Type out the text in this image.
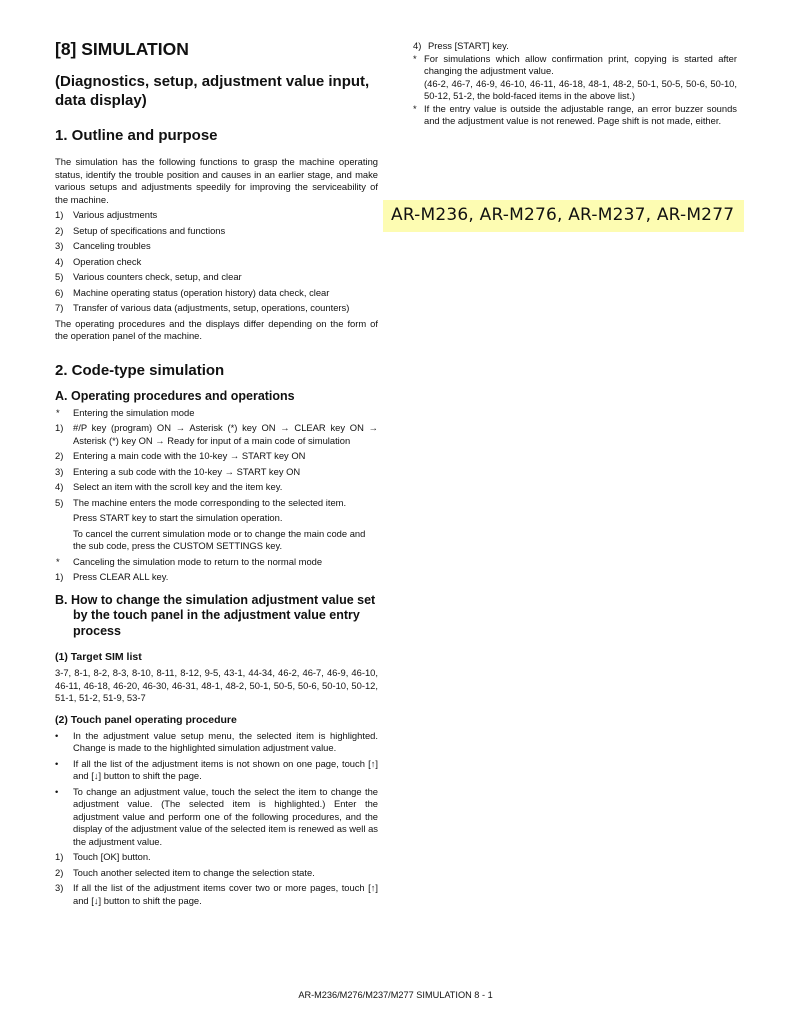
[8] SIMULATION
(Diagnostics, setup, adjustment value input, data display)
1. Outline and purpose

The simulation has the following functions to grasp the machine operating status, identify the trouble position and causes in an earlier stage, and make various setups and adjustments speedily for improving the serviceability of the machine.

1) Various adjustments

2) Setup of specifications and functions

3) Canceling troubles

4) Operation check

5) Various counters check, setup, and clear

6) Machine operating status (operation history) data check, clear

7) Transfer of various data (adjustments, setup, operations, counters)

The operating procedures and the displays differ depending on the form of the operation panel of the machine.

2. Code-type simulation
A. Operating procedures and operations

* Entering the simulation mode

1) #/P key (program) ON → Asterisk (*) key ON → CLEAR key ON → Asterisk (*) key ON → Ready for input of a main code of simulation

2) Entering a main code with the 10-key → START key ON

3) Entering a sub code with the 10-key → START key ON

4) Select an item with the scroll key and the item key.

5) The machine enters the mode corresponding to the selected item.

Press START key to start the simulation operation.

To cancel the current simulation mode or to change the main code and the sub code, press the CUSTOM SETTINGS key.

* Canceling the simulation mode to return to the normal mode

1) Press CLEAR ALL key.

B. How to change the simulation adjustment value set by the touch panel in the adjustment value entry process
(1) Target SIM list

3-7, 8-1, 8-2, 8-3, 8-10, 8-11, 8-12, 9-5, 43-1, 44-34, 46-2, 46-7, 46-9, 46-10, 46-11, 46-18, 46-20, 46-30, 46-31, 48-1, 48-2, 50-1, 50-5, 50-6, 50-10, 50-12, 51-1, 51-2, 51-9, 53-7

(2) Touch panel operating procedure

• In the adjustment value setup menu, the selected item is highlighted. Change is made to the highlighted simulation adjustment value.

• If all the list of the adjustment items is not shown on one page, touch [↑] and [↓] button to shift the page.

• To change an adjustment value, touch the select the item to change the adjustment value. (The selected item is highlighted.) Enter the adjustment value and perform one of the following procedures, and the display of the adjustment value of the selected item is renewed as well as the adjustment value.

1) Touch [OK] button.

2) Touch another selected item to change the selection state.

3) If all the list of the adjustment items cover two or more pages, touch [↑] and [↓] button to shift the page.

4) Press [START] key.

* For simulations which allow confirmation print, copying is started after changing the adjustment value.
(46-2, 46-7, 46-9, 46-10, 46-11, 46-18, 48-1, 48-2, 50-1, 50-5, 50-6, 50-10, 50-12, 51-2, the bold-faced items in the above list.)

* If the entry value is outside the adjustable range, an error buzzer sounds and the adjustment value is not renewed. Page shift is not made, either.

AR-M236, AR-M276, AR-M237, AR-M277
AR-M236/M276/M237/M277 SIMULATION 8 - 1
